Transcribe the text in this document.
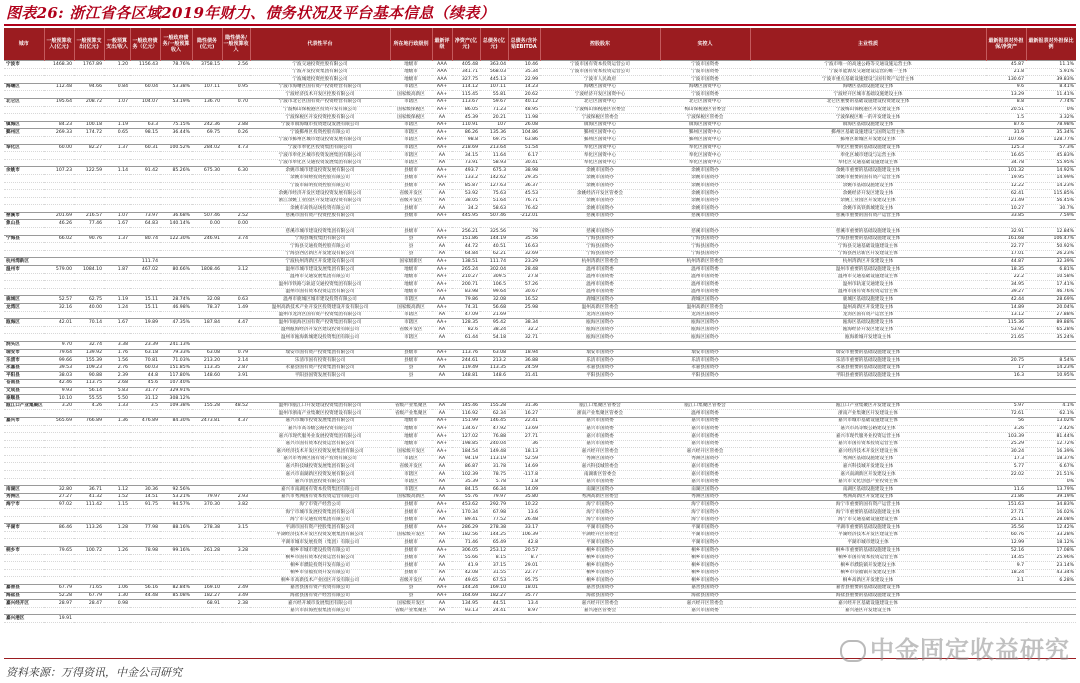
图表26: 浙江省各区域2019年财力、债务状况及平台基本信息（续表）
城市	一般预算收入(亿元)	一般预算支出(亿元)	一般预算支出/收入	一般政府债务（亿元）	一般政府债务/一般预算收入	隐性债务(亿元)	隐性债务/一般预算收入	代表性平台	所在地行政级别	最新评级	净资产(亿元)	总债务(亿元)	总债务/含补贴EBITDA	控股股东	实控人	主业性质	最新报表对外担保/净资产	最新报表对外担保比例
宁波市	1468.30	1767.89	1.20	1156.43	78.76%	3758.15	2.56	宁波交通投资控股有限公司	地级市	AAA	405.48	363.04	10.46	宁波市国有资本投资运营公司	宁波市国资委	宁波市唯一的高速公路等交通设施运营主体	45.87	11.1%
								宁波开发投资集团有限公司	地级市	AAA	341.71	568.03	35.34	宁波市国有资本投资运营公司	宁波市国资委	宁波市能源及交通建设运营的唯一主体	21.8	5.91%
								宁波城建投资控股有限公司	地级市	AAA	327.75	445.13	22.99	宁波市人民政府	宁波市国资委	宁波市重点基础设施建设与国有资产运营主体	130.67	39.83%
海曙区	112.48	94.66	0.84	60.04	53.38%	107.11	0.95	宁波市海曙区国有资产投资经营有限公司	市辖区	AA+	114.12	107.11	14.23	海曙区国资中心	海曙区国资中心	海曙区基础设施建设主体	9.6	8.41%
								宁波经济技术开发区控股有限公司	国家级高新区	AA+	115.45	55.81	20.62	宁波经济开发区国资中心	宁波市国资委	宁波经开区城市基础设施建设主体	13.29	11.41%
北仑区	195.64	208.72	1.07	104.07	53.19%	136.70	0.70	宁波市北仑区国有资产投资经营有限公司	市辖区	AA+	113.67	59.67	40.12	北仑区国资中心	北仑区国资中心	北仑区重要的基础设施建设投资建设主体	8.8	7.74%
								宁波梅山保税港区投资开发有限公司	国家级保税区	AA+	86.05	71.23	48.95	宁波梅山保税港区管委会	梅山保税港区管委会	宁波梅山保税港区开发建设主体	20.51	0%
								宁波保税区开发投资控股有限公司	国家级保税区	AA	45.39	20.21	11.98	宁波保税区管委会	宁波保税区管委会	宁波保税区唯一的开发建设主体	1.5	3.32%
镇海区	84.23	100.18	1.19	63.3	75.15%	242.36	2.88	宁波市镇海城市投资建设发展有限公司	市辖区	AA+	110.91	107	26.08	镇海区国资中心	镇海区国资中心	镇海区基础设施建设主体	87.6	78.98%
鄞州区	269.33	174.72	0.65	98.15	36.44%	69.75	0.26	宁波鄞州区投资控股有限公司	市辖区	AA+	86.26	135.36	104.86	鄞州区国资中心	鄞州区国资中心	鄞州区基础设施建设与国资运营主体	31.9	35.34%
								宁波市鄞州区城市建设投资发展有限公司	市辖区	AA+	98.8	69.75	63.86	鄞州区国资中心	鄞州区国资中心	鄞州区新城区开发建设主体	107.66	128.77%
奉化区	60.00	82.27	1.37	60.31	100.52%	284.02	4.73	宁波市奉化区投资集团有限公司	市辖区	AA+	218.69	213.64	51.54	奉化区国资中心	奉化区国资中心	奉化区重要的基础设施建设主体	125.3	57.3%
								宁波市奉化区城市投资发展集团有限公司	市辖区	AA	34.15	11.64	6.17	奉化区国资中心	奉化区国资中心	奉化区城市建设与运营主体	16.65	45.83%
								宁波市奉化区交通投资发展集团有限公司	市辖区	AA	73.91	58.93	30.41	奉化区国资中心	奉化区国资中心	奉化区交通基础设施建设主体	34.78	55.95%
余姚市	107.23	122.59	1.14	91.42	85.26%	675.30	6.30	余姚市城市建设投资发展有限公司	县级市	AA+	493.7	675.3	38.98	余姚市国资办	余姚市国资办	余姚市重要的基础设施建设主体	101.32	14.92%
								余姚市舜财投资控股有限公司	县级市	AA+	133.2	142.62	29.35	余姚市国资办	余姚市国资办	余姚市重要的国有资产运营主体	19.95	14.99%
								宁波市阳明投资控股有限公司	县级市	AA	85.87	127.63	36.37	余姚市国资办	余姚市国资办	余姚市基础设施建设主体	12.22	14.23%
								余姚市经济开发区建设投资发展有限公司	省级开发区	AA	53.92	75.63	45.53	余姚经济开发区管委会	余姚市国资办	余姚经济开发区建设主体	62.41	115.85%
								浙江余姚工业园区开发建设投资有限公司	省级开发区	AA	38.05	51.64	76.71	余姚市国资办	余姚市国资办	余姚工业园区开发建设主体	21.49	56.45%
								余姚市高铁站场投资有限公司	县级市	AA	34.2	58.63	76.42	余姚市国资办	余姚市国资办	余姚市高铁新城建设主体	10.27	30.7%
慈溪市	201.69	216.57	1.07	73.97	36.68%	507.46	2.52	慈溪市国有资产投资控股有限公司	县级市	AA+	445.95	507.46	-212.01	慈溪市国资办	慈溪市国资办	慈溪市重要的国有资产运营主体	33.85	7.59%
象山县	46.26	77.46	1.67	64.83	140.14%	0.00	0.00											
								慈溪市城市建设投资集团有限公司	县级市	AA+	256.21	325.56	78	慈溪市国资办	慈溪市国资办	慈溪市重要的基础设施建设主体	32.91	12.84%
宁海县	66.02	90.76	1.37	80.74	122.30%	246.91	3.74	宁海县城投集团有限公司	县	AA+	151.86	144.19	35.56	宁海县国资办	宁海县国资办	宁海县重要的基础设施建设主体	161.68	106.47%
								宁海县交通投资控股有限公司	县	AA	44.72	40.51	16.63	宁海县国资办	宁海县国资办	宁海县交通基础设施建设主体	22.77	50.92%
								宁海县西店新区开发建设有限公司	县	AA	64.84	62.21	32.69	宁海县国资办	宁海县国资办	宁海县西店新区开发建设主体	17.01	26.23%
杭州湾新区				111.74				宁波杭州湾新区开发建设有限公司	国家级新区	AA+	138.51	111.74	23.29	杭州湾新区管委会	杭州湾新区管委会	杭州湾新区开发建设主体	44.87	32.39%
温州市	579.00	1084.10	1.87	467.02	80.66%	1808.46	3.12	温州市城市建设发展集团有限公司	地级市	AA+	265.24	302.04	28.48	温州市国资委	温州市国资委	温州市重要的基础设施建设主体	18.35	6.81%
								温州市交通发展集团有限公司	地级市	AA+	210.27	309.5	27.8	温州市国资委	温州市国资委	温州市交通基础设施建设主体	22.2	10.58%
								温州市铁路与轨道交通投资集团有限公司	地级市	AA+	200.71	106.5	57.26	温州市国资委	温州市国资委	温州市轨道交通建设主体	34.95	17.41%
								温州市国有资本投资运营有限公司	地级市	AA+	83.98	99.64	30.67	温州市国资委	温州市国资委	温州市国有资本投资运营主体	39.27	46.76%
鹿城区	52.57	62.75	1.19	15.11	28.74%	32.08	0.63	温州市鹿城区城市建设投资有限公司	市辖区	AA	79.86	32.08	16.52	鹿城区国资办	鹿城区国资办	鹿城区基础设施建设主体	42.44	28.69%
龙湾区	32.16	40.00	1.24	15.11	46.98%	78.37	1.49	温州高新技术产业开发区投资建设开发有限公司	国家级高新区	AA+	74.31	56.68	25.98	温州高新区管委会	温州高新区管委会	温州高新区开发建设主体	14.89	20.04%
								温州市龙湾区国有资产投资集团有限公司	市辖区	AA	47.09	21.69		龙湾区国资办	龙湾区国资办	龙湾区国有资产运营主体	13.12	27.88%
瓯海区	42.01	70.14	1.67	19.89	47.35%	187.84	4.47	温州市瓯海区国有资产投资集团有限公司	市辖区	AA+	128.35	95.42	38.34	瓯海区国资办	瓯海区国资办	瓯海区基础设施建设主体	115.36	89.88%
								温州瓯海经济开发区建设投资有限公司	省级开发区	AA	82.6	38.24	32.2	瓯海区国资办	瓯海区国资办	瓯海经济开发区建设主体	53.92	65.28%
								温州市瓯海新城建设投资集团有限公司	市辖区	AA	61.44	54.18	32.71	瓯海区国资办	瓯海区国资办	瓯海新城开发建设主体	21.65	35.24%
洞头区	9.70	32.74	3.38	23.39	241.13%													
瑞安市	79.64	139.92	1.76	63.18	79.33%	63.08	0.79	瑞安市国有资产投资集团有限公司	县级市	AA+	113.76	63.08	18.94	瑞安市国资办	瑞安市国资办	瑞安市重要的基础设施建设主体		
乐清市	99.66	155.39	1.56	70.81	71.03%	213.20	2.14	乐清市国有投资有限公司	县级市	AA+	244.61	213.2	36.88	乐清市国资办	乐清市国资办	乐清市重要的基础设施建设主体	20.75	8.54%
永嘉县	39.53	109.23	2.76	60.03	151.85%	113.35	2.87	永嘉县国有资产投资集团有限公司	县	AA	119.49	113.35	24.59	永嘉县国资办	永嘉县国资办	永嘉县重要的基础设施建设主体	17	14.23%
平阳县	38.03	90.88	2.39	44.8	117.80%	148.60	3.91	平阳县国资发展有限公司	县	AA	148.81	148.6	31.41	平阳县国资办	平阳县国资办	平阳县重要的基础设施建设主体	16.3	10.95%
苍南县	42.46	113.75	2.68	45.6	107.40%													
文成县	9.93	56.14	5.83	31.77	329.91%													
泰顺县	10.10	55.55	5.50	31.12	308.12%													
瓯江口产业集聚区	3.20	4.26	1.33	3.5	109.38%	155.28	48.52	温州市瓯江口开发建设投资集团有限公司	省级产业集聚区	AA	145.46	155.28	31.36	瓯江口集聚区管委会	瓯江口集聚区管委会	瓯江口产业集聚区开发建设主体	5.97	4.1%
								温州市浙南产业集聚区投资建设有限公司	省级产业集聚区	AA	116.92	62.34	16.27	浙南产业集聚区管委会	温州市国资委	浙南产业集聚区开发建设主体	72.61	62.1%
嘉兴市	565.69	766.89	1.36	476.89	84.30%	2473.81	4.37	嘉兴市城市投资发展集团有限公司	地级市	AA+	151.99	146.45	22.41	嘉兴市国资委	嘉兴市国资委	嘉兴市城市基础设施建设主体	56	13.02%
								嘉兴市高等级公路投资有限公司	地级市	AA+	134.67	47.92	13.69	嘉兴市国资委	嘉兴市国资委	嘉兴市高等级公路建设主体	3.26	2.42%
								嘉兴市现代服务业发展投资集团有限公司	地级市	AA+	127.02	76.88	27.71	嘉兴市国资委	嘉兴市国资委	嘉兴市现代服务业投资运营主体	103.39	81.44%
								嘉兴市国有资本投资运营有限公司	地级市	AA+	198.85	240.04	36	嘉兴市国资委	嘉兴市国资委	嘉兴市国有资本投资运营主体	25.29	12.72%
								嘉兴经济技术开发区投资发展集团有限公司	国家级开发区	AA+	184.54	149.48	18.13	嘉兴经开区管委会	嘉兴经开区管委会	嘉兴经济技术开发区建设主体	30.24	16.39%
								嘉兴市秀洲区国有资产投资有限公司	市辖区	AA	94.19	113.19	52.59	秀洲区国资办	秀洲区国资办	秀洲区基础设施建设主体	17.3	18.37%
								嘉兴科技城投资发展集团有限公司	省级开发区	AA	86.87	31.78	14.69	嘉兴科技城管委会	嘉兴市国资委	嘉兴科技城开发建设主体	5.77	6.67%
								嘉兴市南湖新区投资发展有限公司	市辖区	AA	102.39	78.75	-117.8	南湖新区管委会	嘉兴市国资委	嘉兴南湖新区开发建设主体	22.02	21.51%
								嘉兴市创意投资有限公司	市辖区	AA	35.39	5.78	1.8	嘉兴市国资委	嘉兴市国资委	嘉兴市文化创意产业投资主体		0%
南湖区	32.80	36.71	1.12	30.36	92.56%			嘉兴市南湖国有资本投资集团有限公司	市辖区	AA	84.15	66.34	14.09	南湖区国资办	南湖区国资办	南湖区基础设施建设主体	11.6	13.79%
秀洲区	27.27	41.32	1.52	14.51	53.21%	79.97	2.93	嘉兴市秀洲国有资本投资运营有限公司	国家级高新区	AA	55.76	79.97	35.80	秀洲高新区管委会	秀洲区国资办	秀洲高新区开发建设主体	21.86	39.19%
海宁市	97.02	111.42	1.15	91.75	94.57%	370.30	3.82	海宁市资产经营公司	县级市	AA+	453.62	292.79	10.22	海宁市国资办	海宁市国资办	海宁市重要的国有资产运营主体	151.63	34.83%
								海宁市城市发展投资集团有限公司	县级市	AA+	170.34	67.98	13.6	海宁市国资办	海宁市国资办	海宁市重要的基础设施建设主体	27.71	16.02%
								海宁市交通投资集团有限公司	县级市	AA	89.41	77.52	26.48	海宁市国资办	海宁市国资办	海宁市交通基础设施建设主体	25.11	28.08%
平湖市	86.46	113.26	1.28	77.98	88.16%	278.38	3.15	平湖市国有资产控股集团有限公司	县级市	AA+	286.29	278.38	33.17	平湖市国资办	平湖市国资办	平湖市重要的基础设施建设主体	35.56	12.42%
								平湖经济技术开发区投资发展集团有限公司	国家级开发区	AA	182.56	144.25	106.39	平湖经开区管委会	平湖市国资办	平湖经济技术开发区建设主体	60.76	33.28%
								平湖市城市发展投资（集团）有限公司	县级市	AA	71.46	65.49	42.8	平湖市国资办	平湖市国资办	平湖市城市建设主体	12.99	18.12%
桐乡市	79.65	100.72	1.26	78.98	99.16%	261.28	3.28	桐乡市城市建设投资有限公司	县级市	AA+	306.05	253.12	20.57	桐乡市国资办	桐乡市国资办	桐乡市重要的基础设施建设主体	52.16	17.08%
								桐乡市国有资本投资运营有限公司	县级市	AA	55.66	8.15	8.7	桐乡市国资办	桐乡市国资办	桐乡市国有资本投资运营主体	14.45	25.96%
								桐乡市濮院投资开发有限公司	县级市	AA	41.9	37.15	29.01	桐乡市国资办	桐乡市国资办	桐乡市濮院镇开发建设主体	9.7	23.14%
								桐乡市崇福投资开发有限公司	县级市	AA	42.08	31.55	22.77	桐乡市国资办	桐乡市国资办	桐乡市崇福镇开发建设主体	18.24	43.34%
								桐乡市高新技术产业园区开发有限公司	省级开发区	AA	49.65	67.53	95.75	桐乡市国资办	桐乡市国资办	桐乡高新区开发建设主体	3.1	6.28%
嘉善县	67.79	71.65	1.06	56.16	82.84%	169.10	2.49	嘉善县国有资产投资有限公司	县	AA+	144.24	169.10	18.01	嘉善县国资办	嘉善县国资办	嘉善县重要的基础设施建设主体		
海盐县	52.28	67.79	1.30	44.48	85.08%	182.27	3.49	海盐县国有资产经营有限公司	县	AA+	164.69	182.27	35.77	海盐县国资办	海盐县国资办	海盐县重要的基础设施建设主体		
嘉兴经开区	28.97	28.47	0.98			68.91	2.38	嘉兴经开城市发展集团有限公司	国家级开发区	AA	134.95	44.51	13.4	嘉兴经开区管委会	嘉兴经开区管委会	嘉兴经开区基础设施建设主体		
								嘉兴市滨海控股集团有限公司	省级产业集聚区	AA	93.13	24.41	8.97	嘉兴港区管委会	嘉兴市国资委	嘉兴港区开发建设主体		
嘉兴港区	19.91																	
资料来源：万得资讯，中金公司研究
中金固定收益研究
